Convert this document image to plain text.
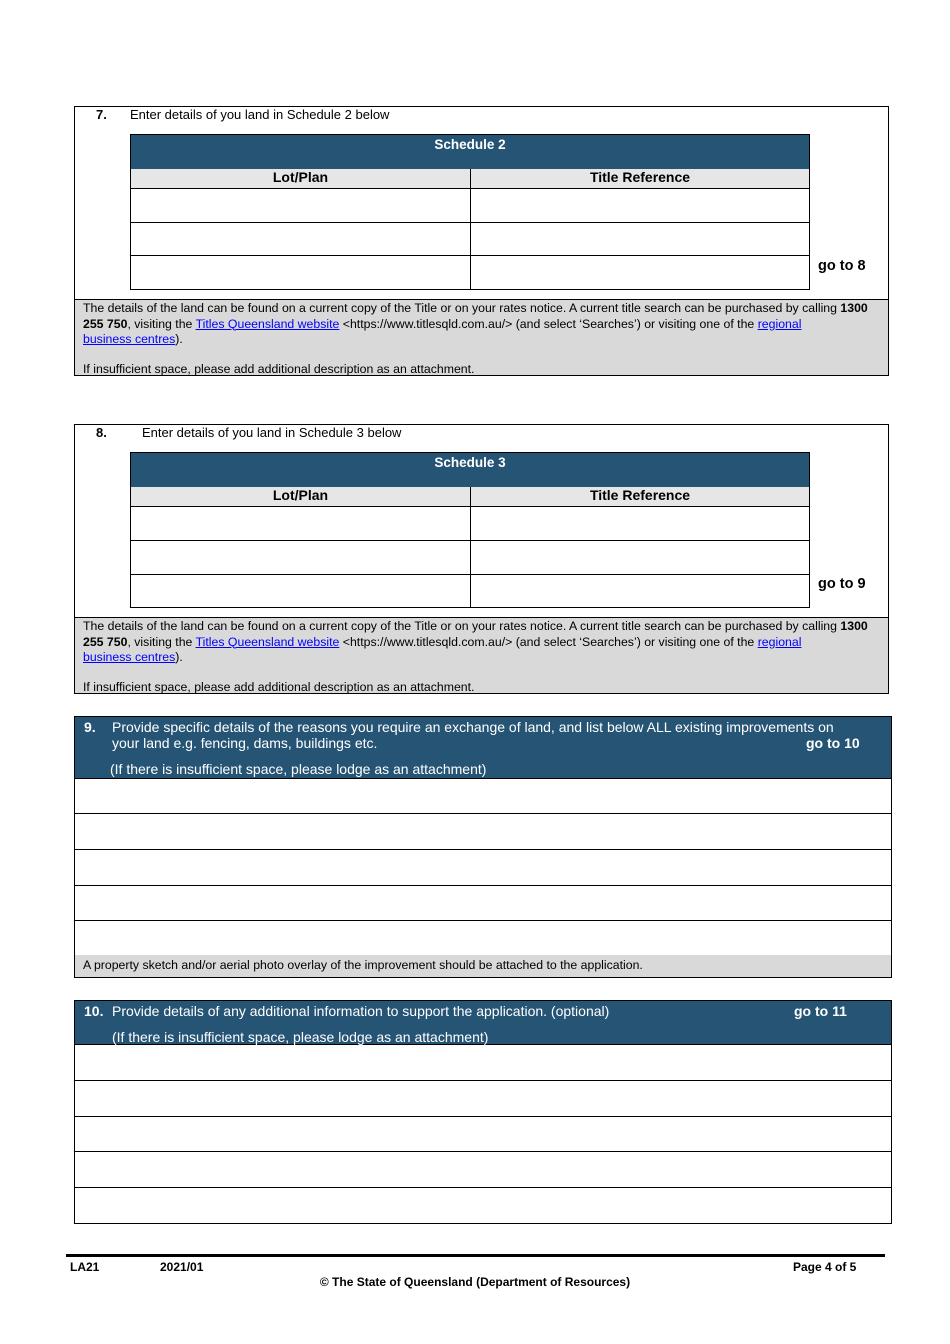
7. Enter details of you land in Schedule 2 below
Schedule 2
Lot/Plan	Title Reference
go to 8
The details of the land can be found on a current copy of the Title or on your rates notice. A current title search can be purchased by calling 1300 255 750, visiting the Titles Queensland website <https://www.titlesqld.com.au/> (and select ‘Searches’) or visiting one of the regional
business centres).
If insufficient space, please add additional description as an attachment.
8.	Enter details of you land in Schedule 3 below
Schedule 3
Lot/Plan	Title Reference
go to 9
The details of the land can be found on a current copy of the Title or on your rates notice. A current title search can be purchased by calling 1300 255 750, visiting the Titles Queensland website <https://www.titlesqld.com.au/> (and select ‘Searches’) or visiting one of the regional
business centres).
If insufficient space, please add additional description as an attachment.
9. Provide specific details of the reasons you require an exchange of land, and list below ALL existing improvements on
your land e.g. fencing, dams, buildings etc.	go to 10
(If there is insufficient space, please lodge as an attachment)
A property sketch and/or aerial photo overlay of the improvement should be attached to the application.
10. Provide details of any additional information to support the application. (optional)	go to 11
(If there is insufficient space, please lodge as an attachment)
LA21	2021/01	Page 4 of 5
© The State of Queensland (Department of Resources)
